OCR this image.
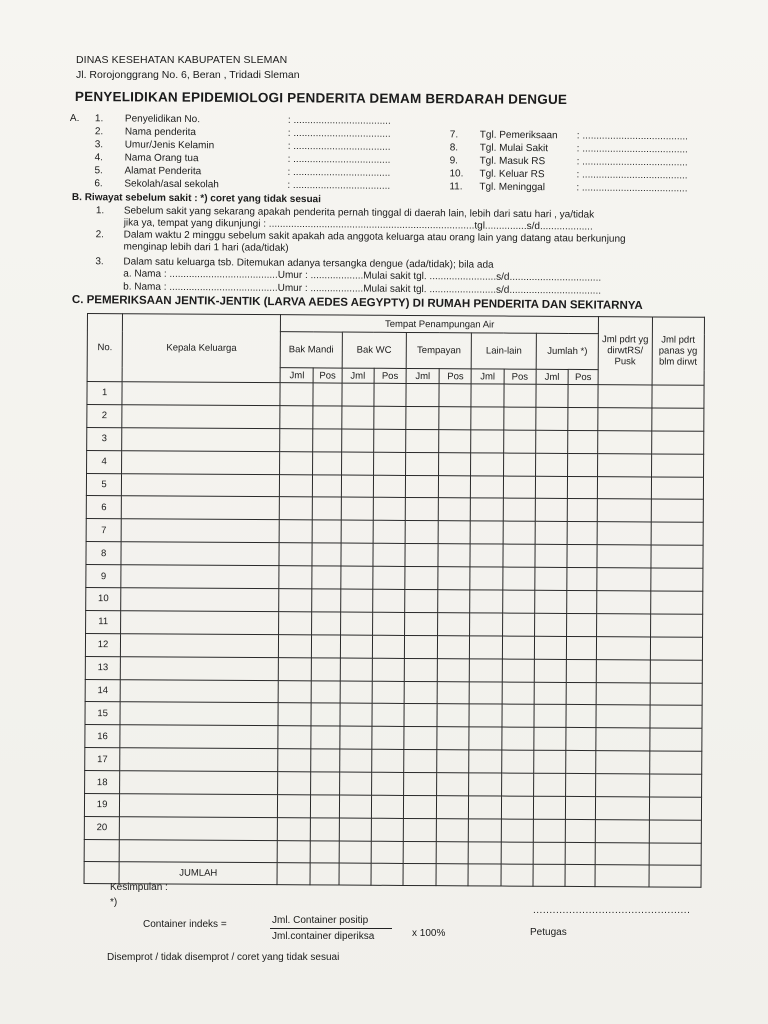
DINAS KESEHATAN KABUPATEN SLEMAN
Jl. Rorojonggrang No. 6, Beran , Tridadi Sleman
PENYELIDIKAN EPIDEMIOLOGI PENDERITA DEMAM BERDARAH DENGUE
A. 1. Penyelidikan No.	: ...................................
2. Nama penderita	: ...................................
3. Umur/Jenis Kelamin	: ...................................
4. Nama Orang tua	: ...................................
5. Alamat Penderita	: ...................................
6. Sekolah/asal sekolah	: ...................................
7. Tgl. Pemeriksaan : ......................................
8. Tgl. Mulai Sakit	: ......................................
9. Tgl. Masuk RS	: ......................................
10. Tgl. Keluar RS	: ......................................
11. Tgl. Meninggal	: ......................................
B. Riwayat sebelum sakit : *) coret yang tidak sesuai
1. Sebelum sakit yang sekarang apakah penderita pernah tinggal di daerah lain, lebih dari satu hari , ya/tidak
jika ya, tempat yang dikunjungi : ..........................................................................tgl...............s/d...................
2. Dalam waktu 2 minggu sebelum sakit apakah ada anggota keluarga atau orang lain yang datang atau berkunjung
menginap lebih dari 1 hari (ada/tidak)
3. Dalam satu keluarga tsb. Ditemukan adanya tersangka dengue (ada/tidak); bila ada
a. Nama : .......................................Umur : ...................Mulai sakit tgl. ........................s/d.................................
b. Nama : .......................................Umur : ...................Mulai sakit tgl. ........................s/d.................................
C. PEMERIKSAAN JENTIK-JENTIK (LARVA AEDES AEGYPTY) DI RUMAH PENDERITA DAN SEKITARNYA
No.	Kepala Keluarga	Tempat Penampungan Air										Jml pdrt yg dirwtRS/ Pusk	Jml pdrt panas yg blm dirwt
		Bak Mandi		Bak WC		Tempayan		Lain-lain		Jumlah *)			
		Jml	Pos	Jml	Pos	Jml	Pos	Jml	Pos	Jml	Pos		
1													
2													
3													
4													
5													
6													
7													
8													
9													
10													
11													
12													
13													
14													
15													
16													
17													
18													
19													
20													

	JUMLAH												
Kesimpulan :
*)
Container indeks =	Jml. Container positip
Jml.container diperiksa	x 100%
................................................
Petugas
Disemprot / tidak disemprot / coret yang tidak sesuai
